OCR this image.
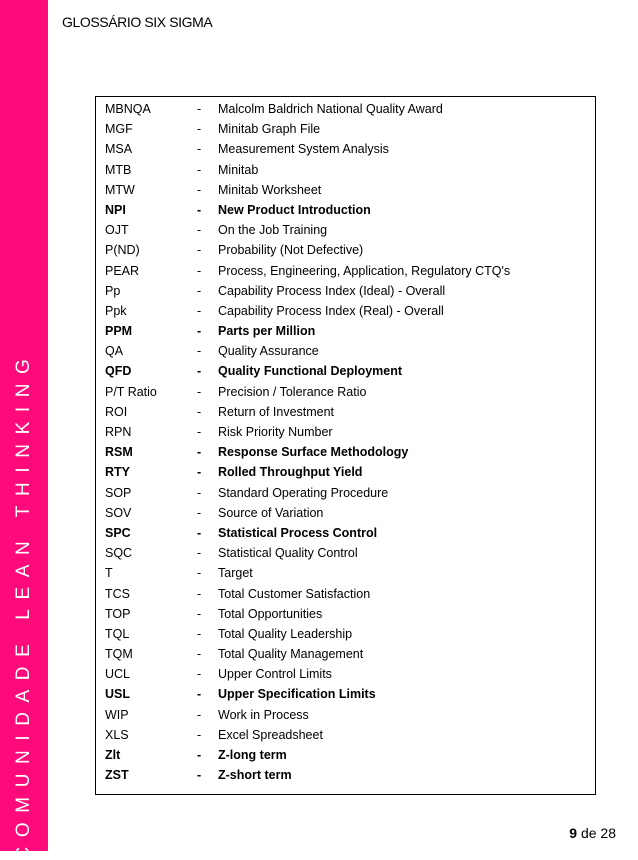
COMUNIDADE LEAN THINKING
GLOSSÁRIO SIX SIGMA
MBNQA	- Malcolm Baldrich National Quality Award
MGF	- Minitab Graph File
MSA	- Measurement System Analysis
MTB	- Minitab
MTW	- Minitab Worksheet
NPI	- New Product Introduction
OJT	- On the Job Training
P(ND)	- Probability (Not Defective)
PEAR	- Process, Engineering, Application, Regulatory CTQ's
Pp	- Capability Process Index (Ideal) - Overall
Ppk	- Capability Process Index (Real) - Overall
PPM	- Parts per Million
QA	- Quality Assurance
QFD	- Quality Functional Deployment
P/T Ratio	- Precision / Tolerance Ratio
ROI	- Return of Investment
RPN	- Risk Priority Number
RSM	- Response Surface Methodology
RTY	- Rolled Throughput Yield
SOP	- Standard Operating Procedure
SOV	- Source of Variation
SPC	- Statistical Process Control
SQC	- Statistical Quality Control
T	- Target
TCS	- Total Customer Satisfaction
TOP	- Total Opportunities
TQL	- Total Quality Leadership
TQM	- Total Quality Management
UCL	- Upper Control Limits
USL	- Upper Specification Limits
WIP	- Work in Process
XLS	- Excel Spreadsheet
Zlt	- Z-long term
ZST	- Z-short term
9 de 28
